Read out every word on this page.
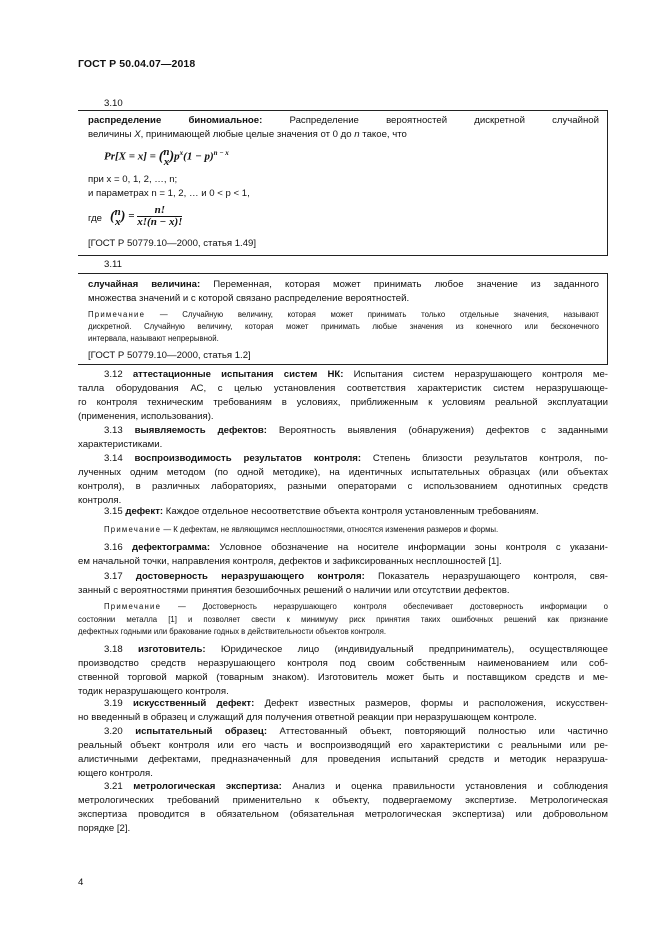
ГОСТ Р 50.04.07—2018
3.10
распределение биномиальное:	Распределение вероятностей дискретной случайной
величины X, принимающей любые целые значения от 0 до n такое, что
Pr[X = x] = ( n
x )$p^x(1 - p)^{n - x}$
при x = 0, 1, 2, …, n;
и параметрах n = 1, 2, … и 0 < p < 1,
где ( n
x ) = $\frac{n!}{x!(n - x)!}$
[ГОСТ Р 50779.10—2000, статья 1.49]
3.11
случайная величина: Переменная, которая может принимать любое значение из заданного
множества значений и с которой связано распределение вероятностей.
Примечание — Случайную величину, которая может принимать только отдельные значения, называют
дискретной. Случайную величину, которая может принимать любые значения из конечного или бесконечного
интервала, называют непрерывной.
[ГОСТ Р 50779.10—2000, статья 1.2]
3.12 аттестационные испытания систем НК: Испытания систем неразрушающего контроля ме-
талла оборудования АС, с целью установления соответствия характеристик систем неразрушающе-
го контроля техническим требованиям в условиях, приближенным к условиям реальной эксплуатации
(применения, использования).
3.13 выявляемость дефектов: Вероятность выявления (обнаружения) дефектов с заданными
характеристиками.
3.14 воспроизводимость результатов контроля: Степень близости результатов контроля, по-
лученных одним методом (по одной методике), на идентичных испытательных образцах (или объектах
контроля), в различных лабораториях, разными операторами с использованием однотипных средств
контроля.
3.15 дефект: Каждое отдельное несоответствие объекта контроля установленным требованиям.
Примечание — К дефектам, не являющимся несплошностями, относятся изменения размеров и формы.
3.16 дефектограмма: Условное обозначение на носителе информации зоны контроля с указани-
ем начальной точки, направления контроля, дефектов и зафиксированных несплошностей [1].
3.17 достоверность неразрушающего контроля: Показатель неразрушающего контроля, свя-
занный с вероятностями принятия безошибочных решений о наличии или отсутствии дефектов.
Примечание — Достоверность неразрушающего контроля обеспечивает достоверность информации о
состоянии металла [1] и позволяет свести к минимуму риск принятия таких ошибочных решений как признание
дефектных годными или бракование годных в действительности объектов контроля.
3.18 изготовитель: Юридическое лицо (индивидуальный предприниматель), осуществляющее
производство средств неразрушающего контроля под своим собственным наименованием или соб-
ственной торговой маркой (товарным знаком). Изготовитель может быть и поставщиком средств и ме-
тодик неразрушающего контроля.
3.19 искусственный дефект: Дефект известных размеров, формы и расположения, искусствен-
но введенный в образец и служащий для получения ответной реакции при неразрушающем контроле.
3.20 испытательный образец: Аттестованный объект, повторяющий полностью или частично
реальный объект контроля или его часть и воспроизводящий его характеристики с реальными или ре-
алистичными дефектами, предназначенный для проведения испытаний средств и методик неразруша-
ющего контроля.
3.21 метрологическая экспертиза: Анализ и оценка правильности установления и соблюдения
метрологических требований применительно к объекту, подвергаемому экспертизе. Метрологическая
экспертиза проводится в обязательном (обязательная метрологическая экспертиза) или добровольном
порядке [2].
4
